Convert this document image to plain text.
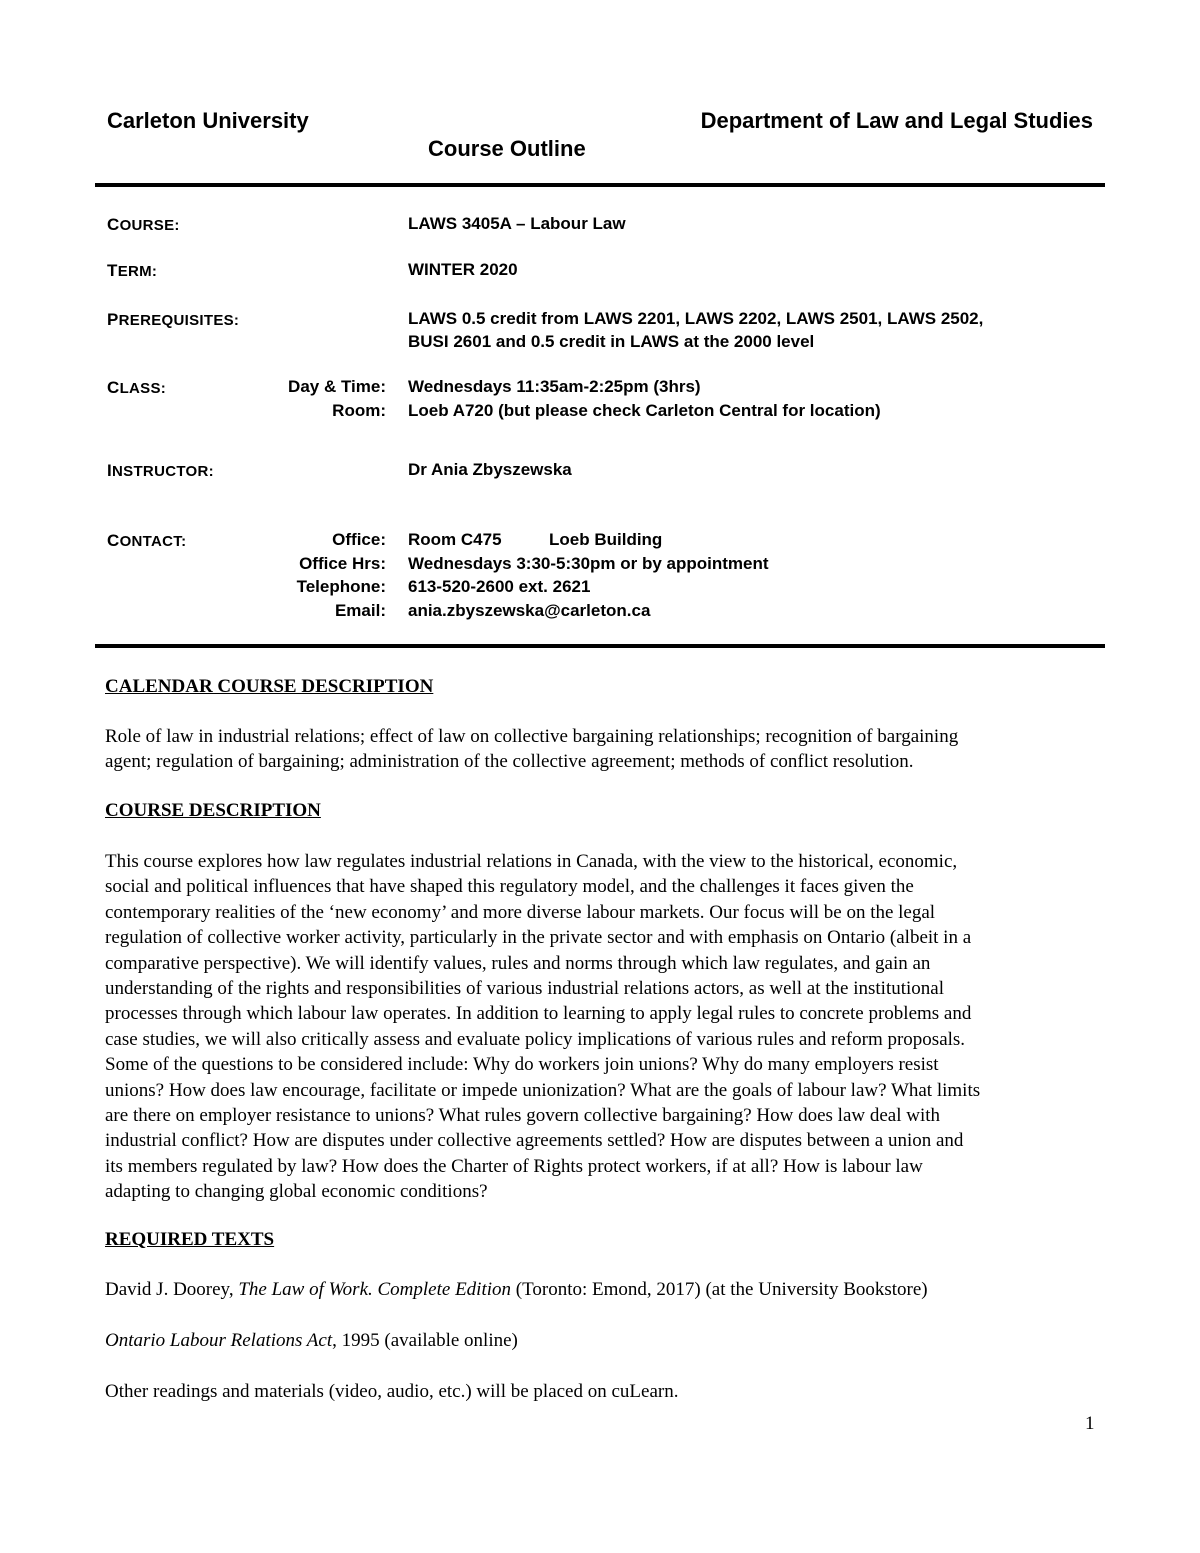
Carleton University	Department of Law and Legal Studies
Course Outline
COURSE:	LAWS 3405A – Labour Law
TERM:	WINTER 2020
PREREQUISITES:	LAWS 0.5 credit from LAWS 2201, LAWS 2202, LAWS 2501, LAWS 2502,
BUSI 2601 and 0.5 credit in LAWS at the 2000 level
CLASS:	Day & Time: Wednesdays 11:35am-2:25pm (3hrs)
Room: Loeb A720 (but please check Carleton Central for location)
INSTRUCTOR:	Dr Ania Zbyszewska
CONTACT:	Office: Room C475	Loeb Building
Office Hrs: Wednesdays 3:30-5:30pm or by appointment
Telephone: 613-520-2600 ext. 2621
Email: ania.zbyszewska@carleton.ca
CALENDAR COURSE DESCRIPTION
Role of law in industrial relations; effect of law on collective bargaining relationships; recognition of bargaining
agent; regulation of bargaining; administration of the collective agreement; methods of conflict resolution.
COURSE DESCRIPTION
This course explores how law regulates industrial relations in Canada, with the view to the historical, economic,
social and political influences that have shaped this regulatory model, and the challenges it faces given the
contemporary realities of the ‘new economy’ and more diverse labour markets. Our focus will be on the legal
regulation of collective worker activity, particularly in the private sector and with emphasis on Ontario (albeit in a
comparative perspective). We will identify values, rules and norms through which law regulates, and gain an
understanding of the rights and responsibilities of various industrial relations actors, as well at the institutional
processes through which labour law operates. In addition to learning to apply legal rules to concrete problems and
case studies, we will also critically assess and evaluate policy implications of various rules and reform proposals.
Some of the questions to be considered include: Why do workers join unions? Why do many employers resist
unions? How does law encourage, facilitate or impede unionization? What are the goals of labour law? What limits
are there on employer resistance to unions? What rules govern collective bargaining? How does law deal with
industrial conflict? How are disputes under collective agreements settled? How are disputes between a union and
its members regulated by law? How does the Charter of Rights protect workers, if at all? How is labour law
adapting to changing global economic conditions?
REQUIRED TEXTS
David J. Doorey, The Law of Work. Complete Edition (Toronto: Emond, 2017) (at the University Bookstore)
Ontario Labour Relations Act, 1995 (available online)
Other readings and materials (video, audio, etc.) will be placed on cuLearn.
1
